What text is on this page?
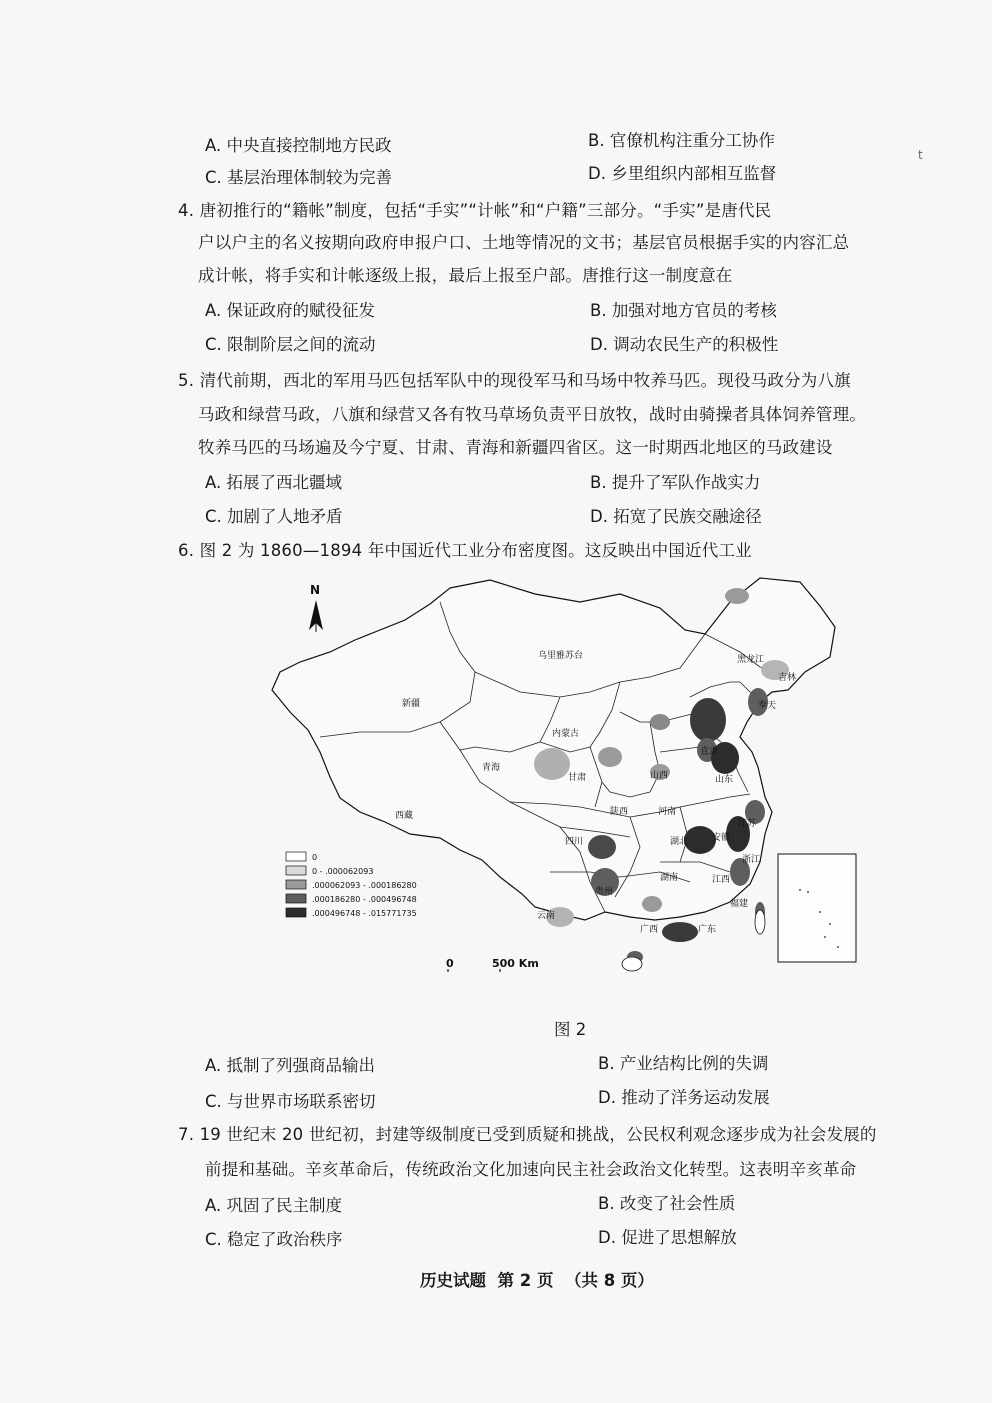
A. 中央直接控制地方民政	B. 官僚机构注重分工协作
C. 基层治理体制较为完善	D. 乡里组织内部相互监督
t
4. 唐初推行的“籍帐”制度，包括“手实”“计帐”和“户籍”三部分。“手实”是唐代民
户以户主的名义按期向政府申报户口、土地等情况的文书；基层官员根据手实的内容汇总
成计帐，将手实和计帐逐级上报，最后上报至户部。唐推行这一制度意在
A. 保证政府的赋役征发	B. 加强对地方官员的考核
C. 限制阶层之间的流动	D. 调动农民生产的积极性
5. 清代前期，西北的军用马匹包括军队中的现役军马和马场中牧养马匹。现役马政分为八旗
马政和绿营马政，八旗和绿营又各有牧马草场负责平日放牧，战时由骑操者具体饲养管理。
牧养马匹的马场遍及今宁夏、甘肃、青海和新疆四省区。这一时期西北地区的马政建设
A. 拓展了西北疆域	B. 提升了军队作战实力
C. 加剧了人地矛盾	D. 拓宽了民族交融途径
6. 图 2 为 1860—1894 年中国近代工业分布密度图。这反映出中国近代工业
N
乌里雅苏台	黑龙江
吉林
奉天
新疆
内蒙古
青海
甘肃	山西
直隶
山东
陕西	河南
西藏
四川	湖北	安徽
江苏
浙江
湖南	江西
贵州
云南
福建
广西	广东
0
0 - .000062093
.000062093 - .000186280
.000186280 - .000496748
.000496748 - .015771735
0	500 Km
图 2
A. 抵制了列强商品输出	B. 产业结构比例的失调
C. 与世界市场联系密切	D. 推动了洋务运动发展
7. 19 世纪末 20 世纪初，封建等级制度已受到质疑和挑战，公民权利观念逐步成为社会发展的
前提和基础。辛亥革命后，传统政治文化加速向民主社会政治文化转型。这表明辛亥革命
A. 巩固了民主制度	B. 改变了社会性质
C. 稳定了政治秩序	D. 促进了思想解放
历史试题  第 2 页  （共 8 页）
